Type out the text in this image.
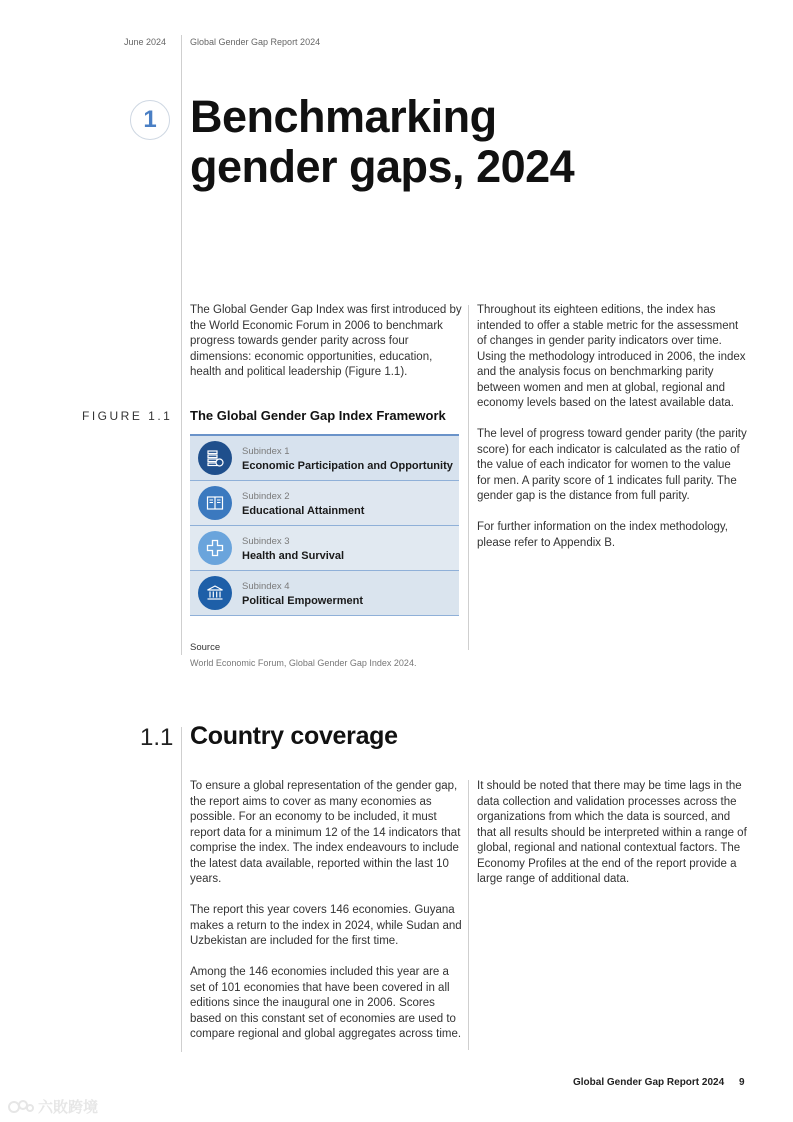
June 2024	Global Gender Gap Report 2024
1 Benchmarking
gender gaps, 2024

The Global Gender Gap Index was first introduced by the World Economic Forum in 2006 to benchmark progress towards gender parity across four dimensions: economic opportunities, education, health and political leadership (Figure 1.1).

Throughout its eighteen editions, the index has intended to offer a stable metric for the assessment of changes in gender parity indicators over time. Using the methodology introduced in 2006, the index and the analysis focus on benchmarking parity between women and men at global, regional and economy levels based on the latest available data.

The level of progress toward gender parity (the parity score) for each indicator is calculated as the ratio of the value of each indicator for women to the value for men. A parity score of 1 indicates full parity. The gender gap is the distance from full parity.

For further information on the index methodology, please refer to Appendix B.

FIGURE 1.1 The Global Gender Gap Index Framework
Subindex 1
Economic Participation and Opportunity
Subindex 2
Educational Attainment
Subindex 3
Health and Survival
Subindex 4
Political Empowerment
Source
World Economic Forum, Global Gender Gap Index 2024.
1.1 Country coverage

To ensure a global representation of the gender gap, the report aims to cover as many economies as possible. For an economy to be included, it must report data for a minimum 12 of the 14 indicators that comprise the index. The index endeavours to include the latest data available, reported within the last 10 years.

The report this year covers 146 economies. Guyana makes a return to the index in 2024, while Sudan and Uzbekistan are included for the first time.

Among the 146 economies included this year are a set of 101 economies that have been covered in all editions since the inaugural one in 2006. Scores based on this constant set of economies are used to compare regional and global aggregates across time.

It should be noted that there may be time lags in the data collection and validation processes across the organizations from which the data is sourced, and that all results should be interpreted within a range of global, regional and national contextual factors. The Economy Profiles at the end of the report provide a large range of additional data.

Global Gender Gap Report 2024 9
六敗跨境
